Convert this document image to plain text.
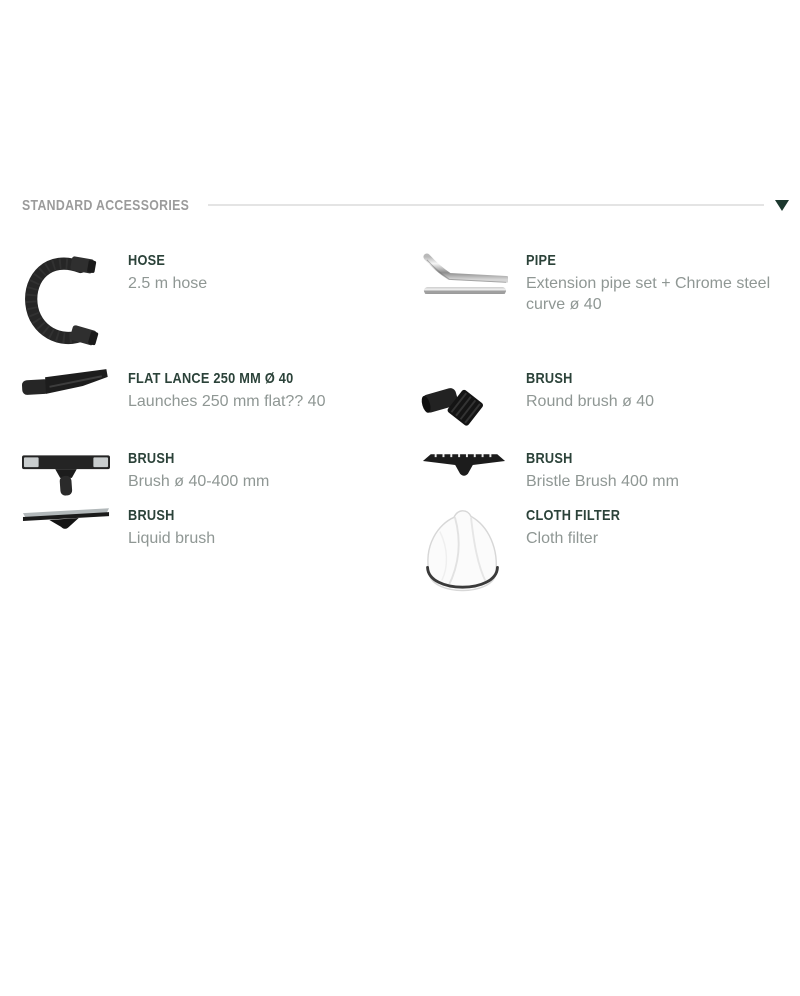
STANDARD ACCESSORIES
HOSE
2.5 m hose
PIPE
Extension pipe set + Chrome steel curve ø 40
FLAT LANCE 250 MM Ø 40
Launches 250 mm flat?? 40
BRUSH
Round brush ø 40
BRUSH
Brush ø 40-400 mm
BRUSH
Bristle Brush 400 mm
BRUSH
Liquid brush
CLOTH FILTER
Cloth filter
